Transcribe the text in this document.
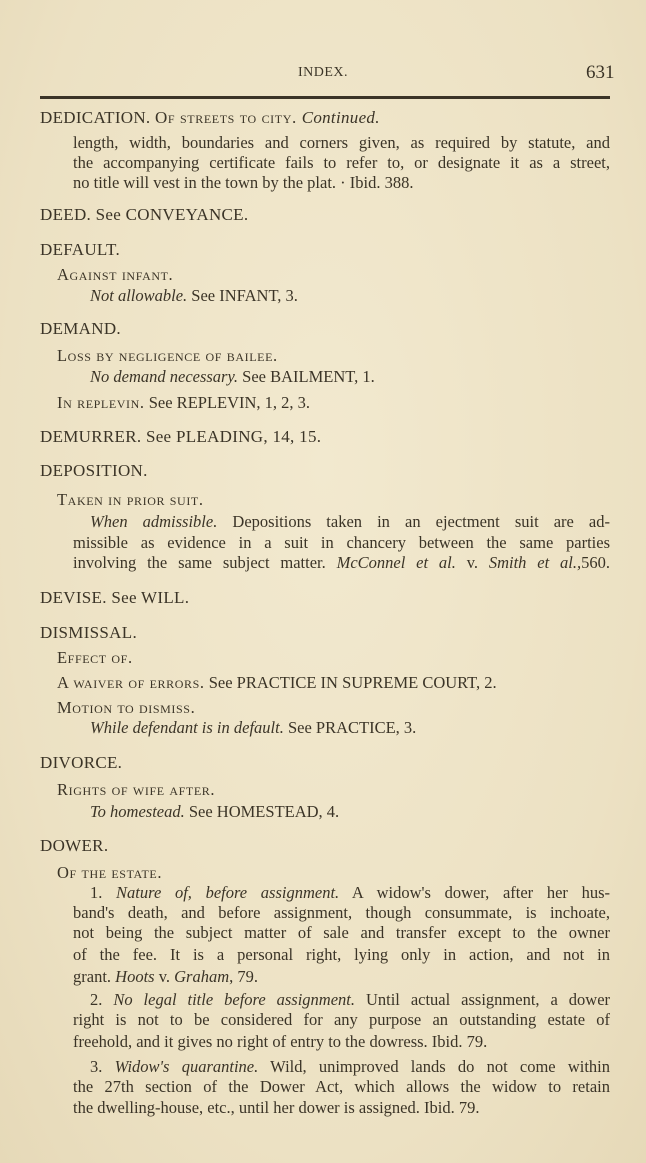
INDEX.	631
DEDICATION. Of streets to city. Continued.
length, width, boundaries and corners given, as required by statute, and
the accompanying certificate fails to refer to, or designate it as a street,
no title will vest in the town by the plat. · Ibid. 388.
DEED. See CONVEYANCE.
DEFAULT.
Against infant.
Not allowable. See INFANT, 3.
DEMAND.
Loss by negligence of bailee.
No demand necessary. See BAILMENT, 1.
In replevin. See REPLEVIN, 1, 2, 3.
DEMURRER. See PLEADING, 14, 15.
DEPOSITION.
Taken in prior suit.
When admissible. Depositions taken in an ejectment suit are ad-
missible as evidence in a suit in chancery between the same parties
involving the same subject matter. McConnel et al. v. Smith et al.,560.
DEVISE. See WILL.
DISMISSAL.
Effect of.
A waiver of errors. See PRACTICE IN SUPREME COURT, 2.
Motion to dismiss.
While defendant is in default. See PRACTICE, 3.
DIVORCE.
Rights of wife after.
To homestead. See HOMESTEAD, 4.
DOWER.
Of the estate.
1. Nature of, before assignment. A widow's dower, after her hus-
band's death, and before assignment, though consummate, is inchoate,
not being the subject matter of sale and transfer except to the owner
of the fee. It is a personal right, lying only in action, and not in
grant. Hoots v. Graham, 79.
2. No legal title before assignment. Until actual assignment, a dower
right is not to be considered for any purpose an outstanding estate of
freehold, and it gives no right of entry to the dowress. Ibid. 79.
3. Widow's quarantine. Wild, unimproved lands do not come within
the 27th section of the Dower Act, which allows the widow to retain
the dwelling-house, etc., until her dower is assigned. Ibid. 79.
